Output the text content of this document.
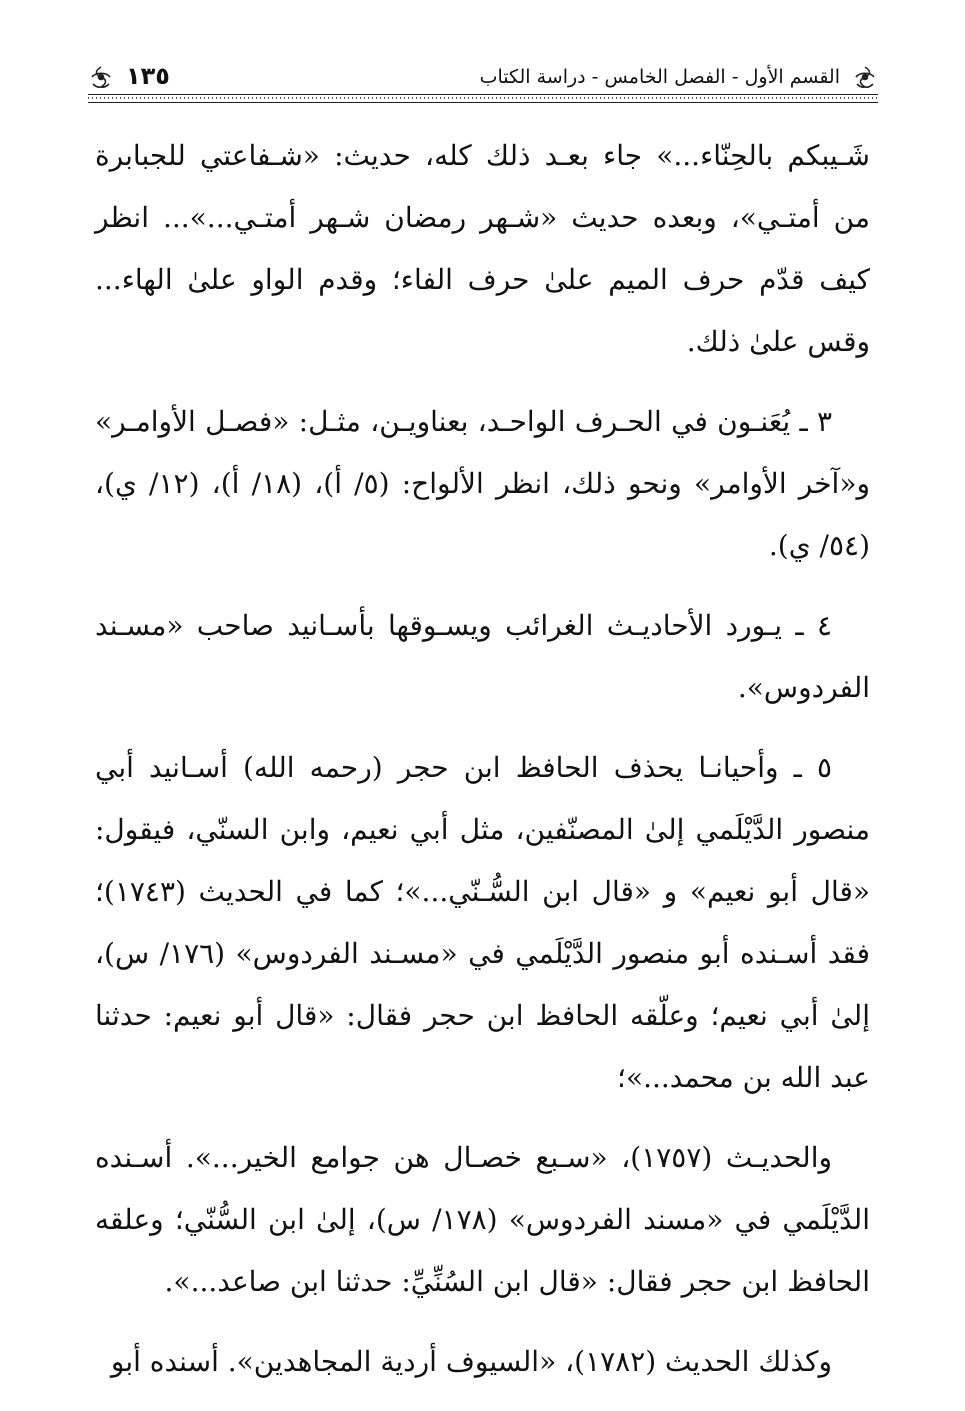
القسم الأول - الفصل الخامس - دراسة الكتاب
١٣٥

شَـيبكم بالحِنّاء...» جاء بعـد ذلك كله، حديث: «شـفاعتي للجبابرة من أمتـي»، وبعده حديث «شـهر رمضان شـهر أمتـي...»... انظر كيف قدّم حرف الميم علىٰ حرف الفاء؛ وقدم الواو علىٰ الهاء... وقس علىٰ ذلك.

٣ ـ يُعَنـون في الحـرف الواحـد، بعناويـن، مثـل: «فصـل الأوامـر» و«آخر الأوامر» ونحو ذلك، انظر الألواح: (٥/ أ)، (١٨/ أ)، (١٢/ ي)، (٥٤/ ي).

٤ ـ يـورد الأحاديـث الغرائب ويسـوقها بأسـانيد صاحب «مسـند الفردوس».

٥ ـ وأحيانـا يحذف الحافظ ابن حجر (رحمه الله) أسـانيد أبي منصور الدَّيْلَمي إلىٰ المصنّفين، مثل أبي نعيم، وابن السنّي، فيقول: «قال أبو نعيم» و «قال ابن السُّـنّي...»؛ كما في الحديث (١٧٤٣)؛ فقد أسـنده أبو منصور الدَّيْلَمي في «مسـند الفردوس» (١٧٦/ س)، إلىٰ أبي نعيم؛ وعلّقه الحافظ ابن حجر فقال: «قال أبو نعيم: حدثنا عبد الله بن محمد...»؛

والحديـث (١٧٥٧)، «سـبع خصـال هن جوامع الخير...». أسـنده الدَّيْلَمي في «مسند الفردوس» (١٧٨/ س)، إلىٰ ابن السُّنّي؛ وعلقه الحافظ ابن حجر فقال: «قال ابن السُنِّيِّ: حدثنا ابن صاعد...».

وكذلك الحديث (١٧٨٢)، «السيوف أردية المجاهدين». أسنده أبو
